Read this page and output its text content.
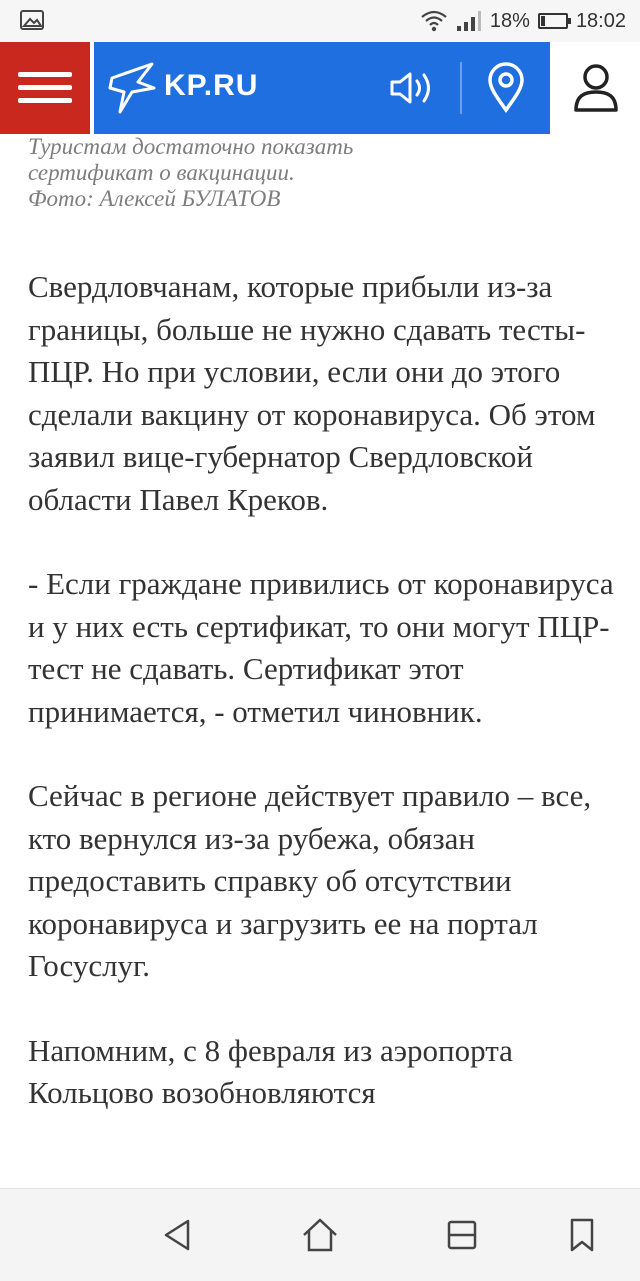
18% 18:02
KP.RU

Туристам достаточно показать
сертификат о вакцинации.
Фото: Алексей БУЛАТОВ

Свердловчанам, которые прибыли из-за границы, больше не нужно сдавать тесты-ПЦР. Но при условии, если они до этого сделали вакцину от коронавируса. Об этом заявил вице-губернатор Свердловской области Павел Креков.

- Если граждане привились от коронавируса и у них есть сертификат, то они могут ПЦР-тест не сдавать. Сертификат этот принимается, - отметил чиновник.

Сейчас в регионе действует правило – все, кто вернулся из-за рубежа, обязан предоставить справку об отсутствии коронавируса и загрузить ее на портал Госуслуг.

Напомним, с 8 февраля из аэропорта Кольцово возобновляются
